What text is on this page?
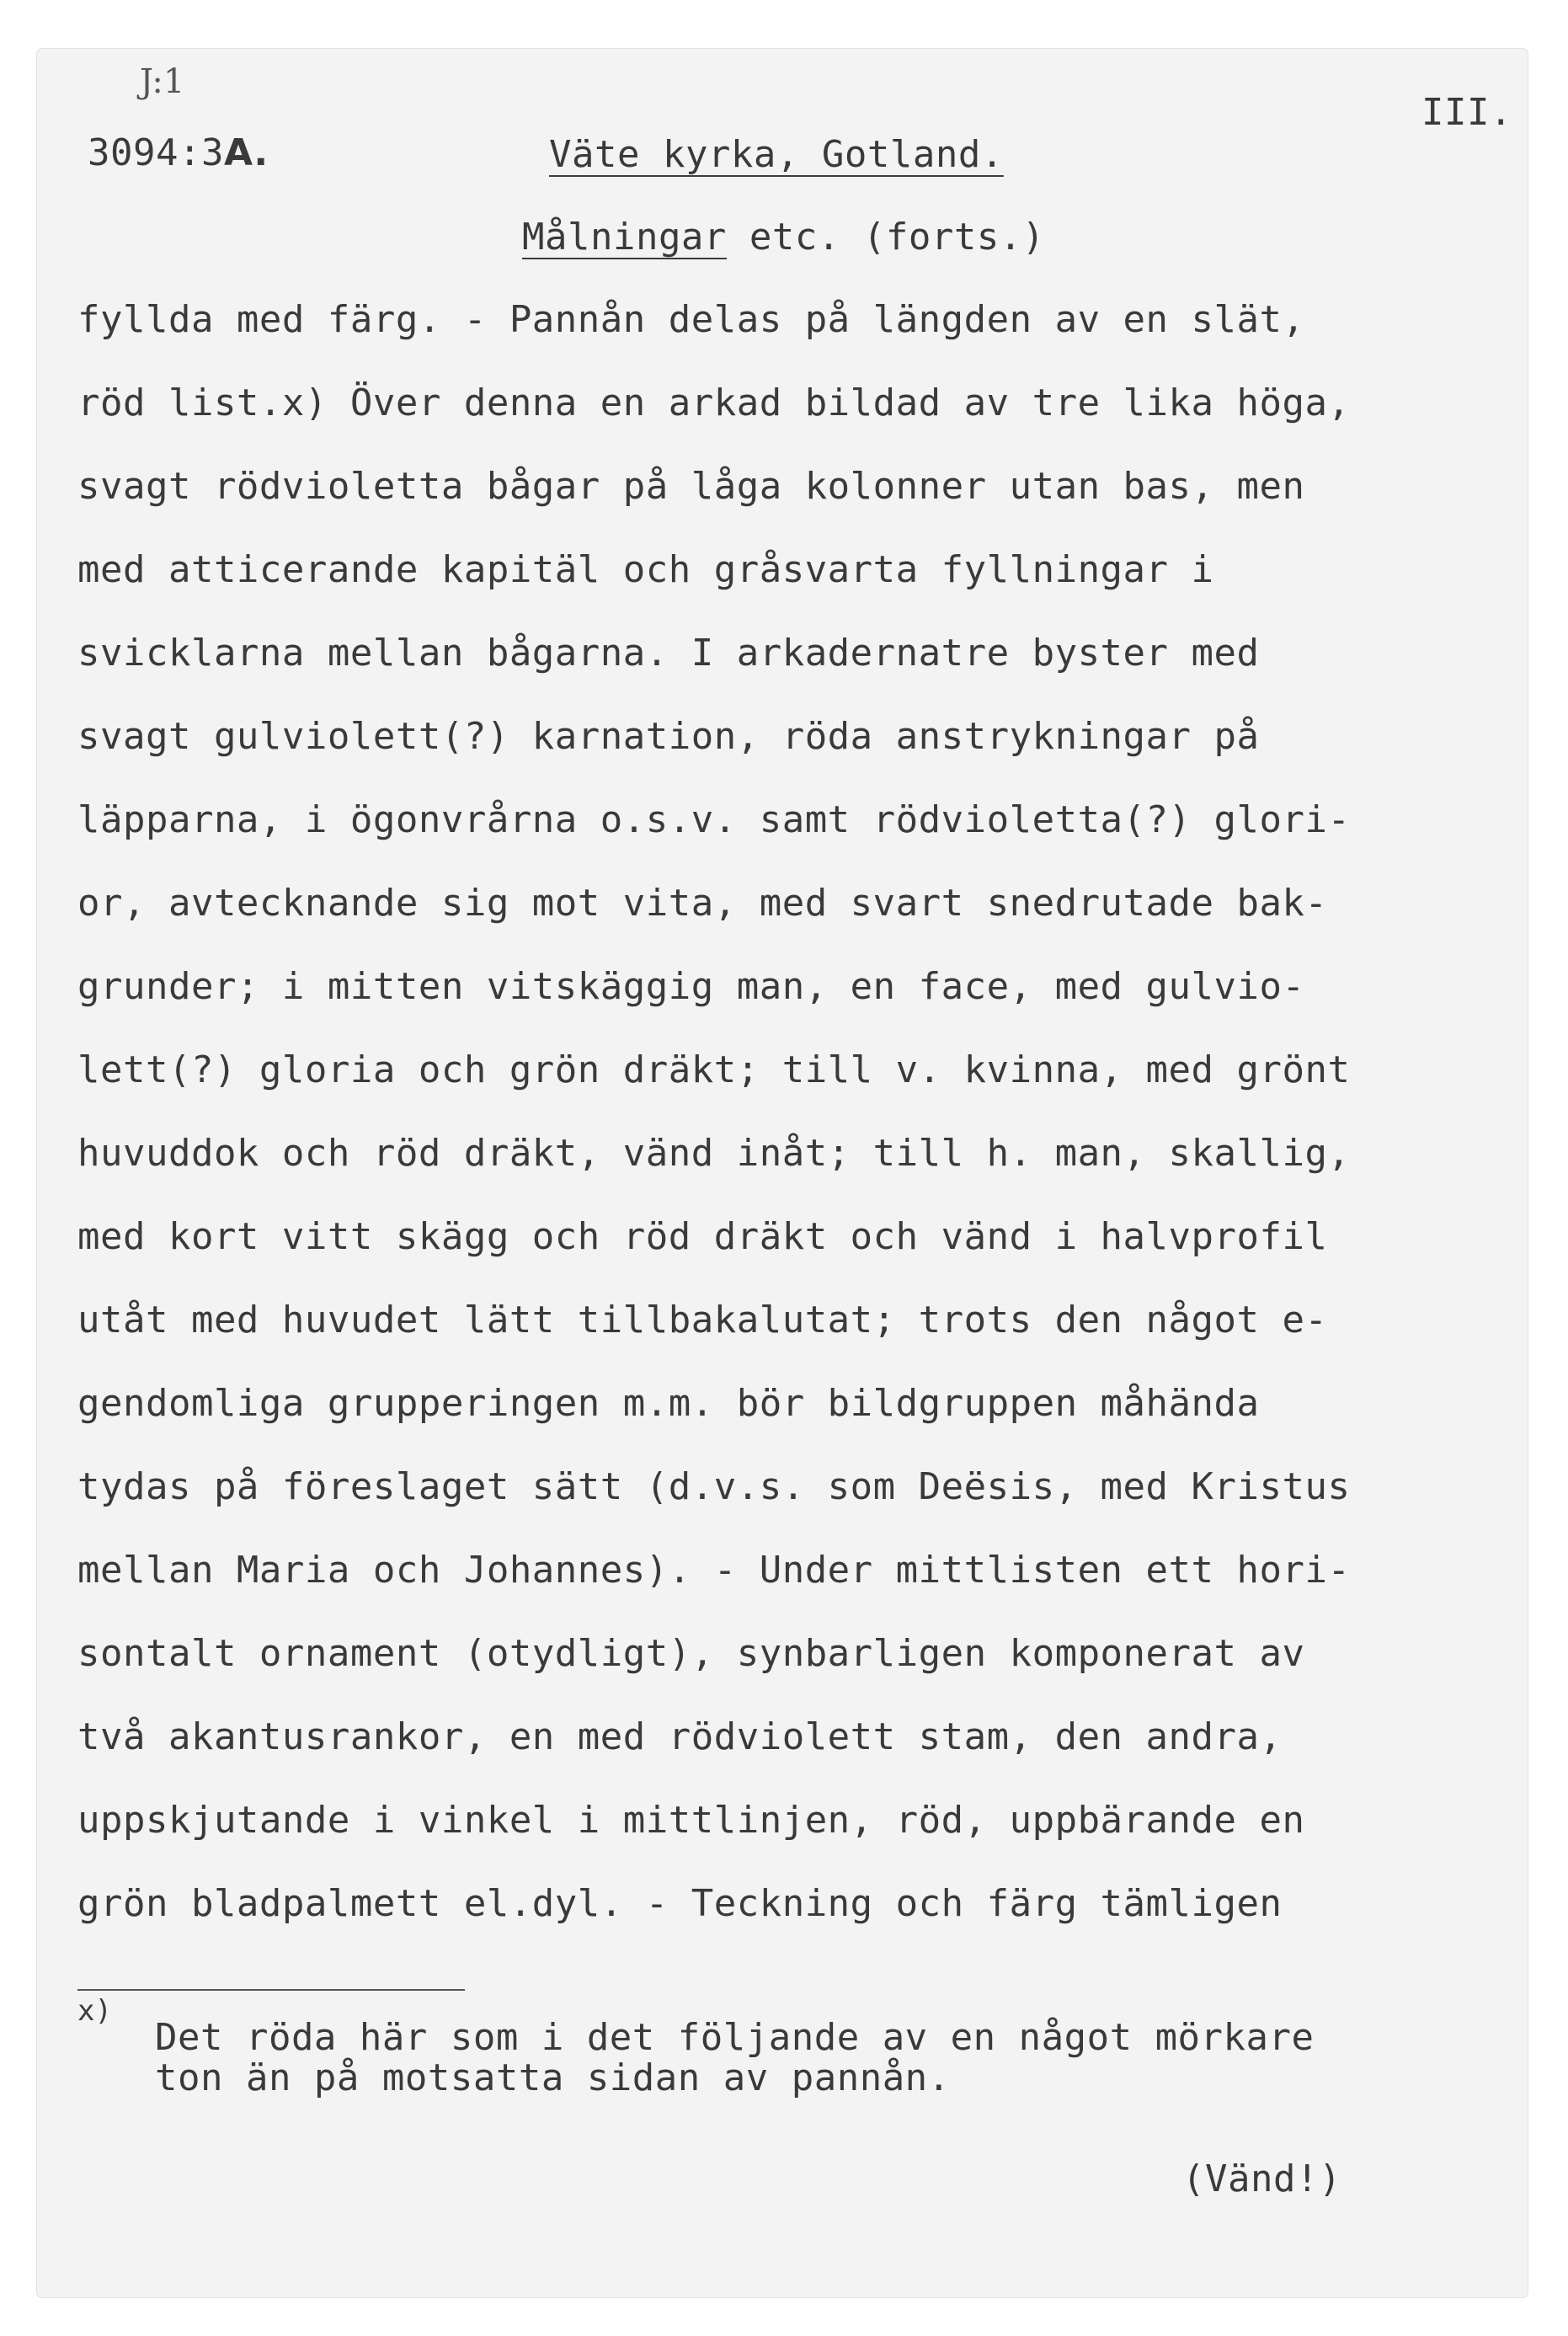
J:1
3094:3A.
III.
Väte kyrka, Gotland.
Målningar etc. (forts.)
fyllda med färg. - Pannån delas på längden av en slät,
röd list.x) Över denna en arkad bildad av tre lika höga,
svagt rödvioletta bågar på låga kolonner utan bas, men
med atticerande kapitäl och gråsvarta fyllningar i
svicklarna mellan bågarna. I arkadernatre byster med
svagt gulviolett(?) karnation, röda anstrykningar på
läpparna, i ögonvrårna o.s.v. samt rödvioletta(?) glori-
or, avtecknande sig mot vita, med svart snedrutade bak-
grunder; i mitten vitskäggig man, en face, med gulvio-
lett(?) gloria och grön dräkt; till v. kvinna, med grönt
huvuddok och röd dräkt, vänd inåt; till h. man, skallig,
med kort vitt skägg och röd dräkt och vänd i halvprofil
utåt med huvudet lätt tillbakalutat; trots den något e-
gendomliga grupperingen m.m. bör bildgruppen måhända
tydas på föreslaget sätt (d.v.s. som Deësis, med Kristus
mellan Maria och Johannes). - Under mittlisten ett hori-
sontalt ornament (otydligt), synbarligen komponerat av
två akantusrankor, en med rödviolett stam, den andra,
uppskjutande i vinkel i mittlinjen, röd, uppbärande en
grön bladpalmett el.dyl. - Teckning och färg tämligen
x)
Det röda här som i det följande av en något mörkare
ton än på motsatta sidan av pannån.
(Vänd!)
